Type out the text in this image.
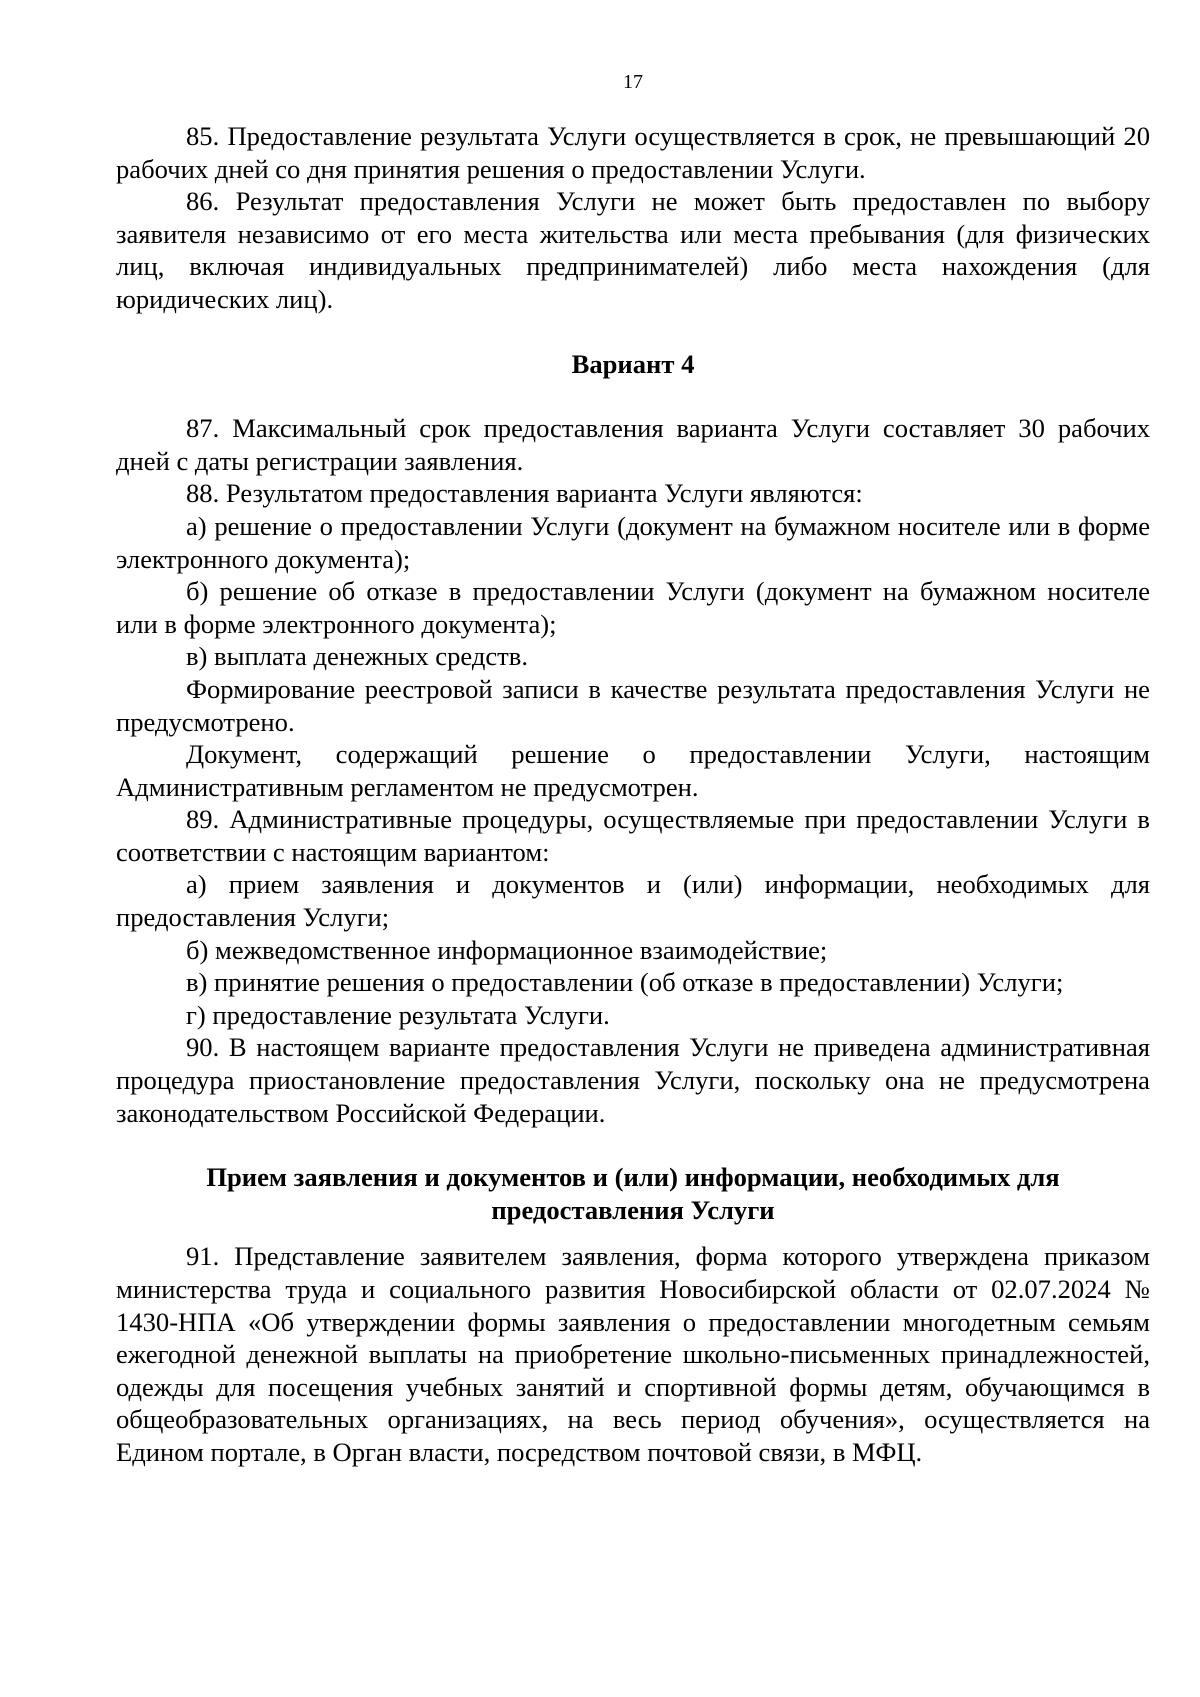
17

85. Предоставление результата Услуги осуществляется в срок, не превышающий 20 рабочих дней со дня принятия решения о предоставлении Услуги.

86. Результат предоставления Услуги не может быть предоставлен по выбору заявителя независимо от его места жительства или места пребывания (для физических лиц, включая индивидуальных предпринимателей) либо места нахождения (для юридических лиц).

Вариант 4

87. Максимальный срок предоставления варианта Услуги составляет 30 рабочих дней с даты регистрации заявления.

88. Результатом предоставления варианта Услуги являются:

а) решение о предоставлении Услуги (документ на бумажном носителе или в форме электронного документа);

б) решение об отказе в предоставлении Услуги (документ на бумажном носителе или в форме электронного документа);

в) выплата денежных средств.

Формирование реестровой записи в качестве результата предоставления Услуги не предусмотрено.

Документ, содержащий решение о предоставлении Услуги, настоящим Административным регламентом не предусмотрен.

89. Административные процедуры, осуществляемые при предоставлении Услуги в соответствии с настоящим вариантом:

а) прием заявления и документов и (или) информации, необходимых для предоставления Услуги;

б) межведомственное информационное взаимодействие;

в) принятие решения о предоставлении (об отказе в предоставлении) Услуги;

г) предоставление результата Услуги.

90. В настоящем варианте предоставления Услуги не приведена административная процедура приостановление предоставления Услуги, поскольку она не предусмотрена законодательством Российской Федерации.

Прием заявления и документов и (или) информации, необходимых для предоставления Услуги

91. Представление заявителем заявления, форма которого утверждена приказом министерства труда и социального развития Новосибирской области от 02.07.2024 № 1430-НПА «Об утверждении формы заявления о предоставлении многодетным семьям ежегодной денежной выплаты на приобретение школьно-письменных принадлежностей, одежды для посещения учебных занятий и спортивной формы детям, обучающимся в общеобразовательных организациях, на весь период обучения», осуществляется на Едином портале, в Орган власти, посредством почтовой связи, в МФЦ.
